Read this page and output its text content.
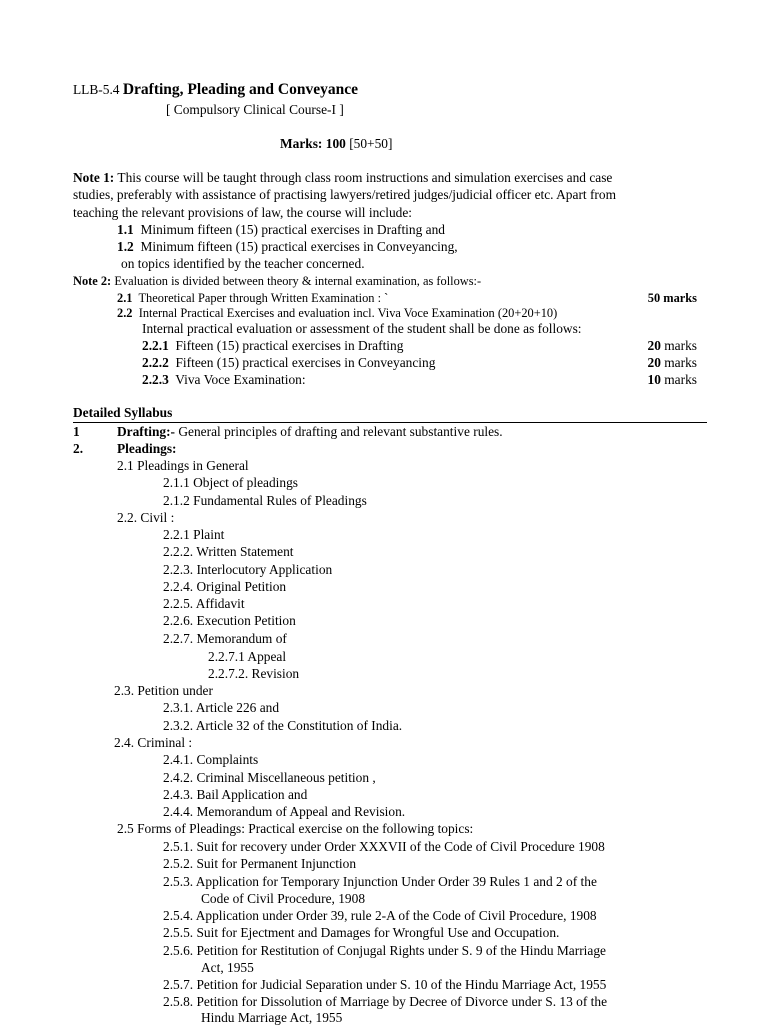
LLB-5.4 Drafting, Pleading and Conveyance
[ Compulsory Clinical Course-I ]
Marks: 100 [50+50]
Note 1: This course will be taught through class room instructions and simulation exercises and case
studies, preferably with assistance of practising lawyers/retired judges/judicial officer etc. Apart from
teaching the relevant provisions of law, the course will include:
1.1 Minimum fifteen (15) practical exercises in Drafting and
1.2 Minimum fifteen (15) practical exercises in Conveyancing,
on topics identified by the teacher concerned.
Note 2: Evaluation is divided between theory & internal examination, as follows:-
2.1 Theoretical Paper through Written Examination : `	50 marks
2.2 Internal Practical Exercises and evaluation incl. Viva Voce Examination (20+20+10)
Internal practical evaluation or assessment of the student shall be done as follows:
2.2.1 Fifteen (15) practical exercises in Drafting	20 marks
2.2.2 Fifteen (15) practical exercises in Conveyancing	20 marks
2.2.3 Viva Voce Examination:	10 marks
Detailed Syllabus
1	Drafting:- General principles of drafting and relevant substantive rules.
2.	Pleadings:
2.1 Pleadings in General
2.1.1 Object of pleadings
2.1.2 Fundamental Rules of Pleadings
2.2. Civil :
2.2.1 Plaint
2.2.2. Written Statement
2.2.3. Interlocutory Application
2.2.4. Original Petition
2.2.5. Affidavit
2.2.6. Execution Petition
2.2.7. Memorandum of
2.2.7.1 Appeal
2.2.7.2. Revision
2.3. Petition under
2.3.1. Article 226 and
2.3.2. Article 32 of the Constitution of India.
2.4. Criminal :
2.4.1. Complaints
2.4.2. Criminal Miscellaneous petition ,
2.4.3. Bail Application and
2.4.4. Memorandum of Appeal and Revision.
2.5 Forms of Pleadings: Practical exercise on the following topics:
2.5.1. Suit for recovery under Order XXXVII of the Code of Civil Procedure 1908
2.5.2. Suit for Permanent Injunction
2.5.3. Application for Temporary Injunction Under Order 39 Rules 1 and 2 of the
Code of Civil Procedure, 1908
2.5.4. Application under Order 39, rule 2-A of the Code of Civil Procedure, 1908
2.5.5. Suit for Ejectment and Damages for Wrongful Use and Occupation.
2.5.6. Petition for Restitution of Conjugal Rights under S. 9 of the Hindu Marriage
Act, 1955
2.5.7. Petition for Judicial Separation under S. 10 of the Hindu Marriage Act, 1955
2.5.8. Petition for Dissolution of Marriage by Decree of Divorce under S. 13 of the
Hindu Marriage Act, 1955
